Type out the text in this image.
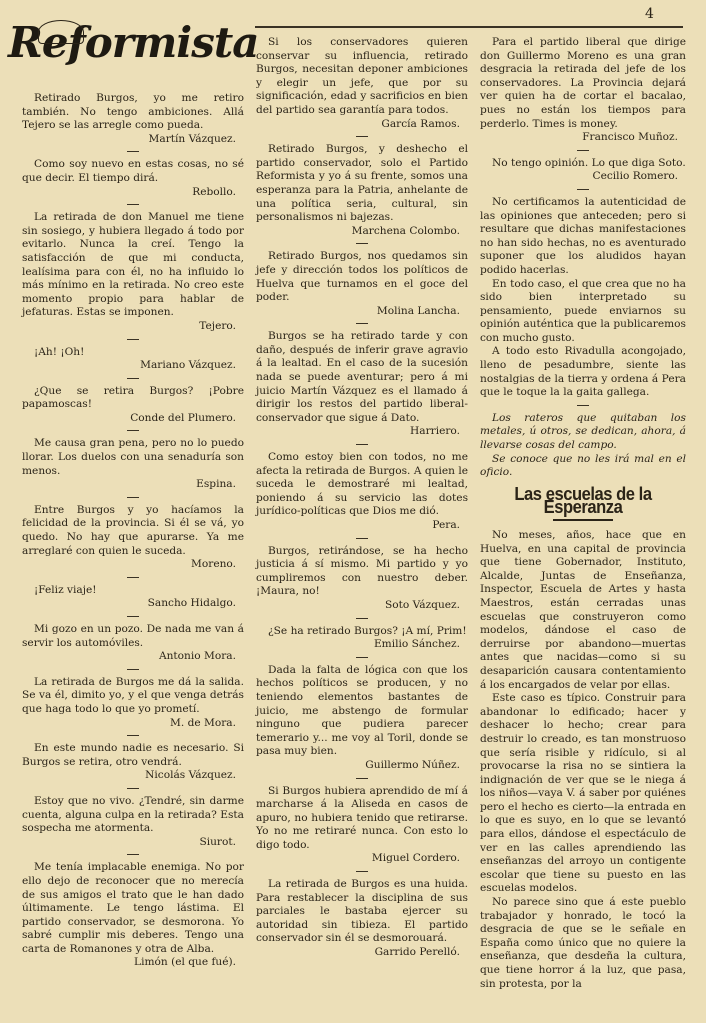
4
Reformista

Retirado Burgos, yo me retiro también. No tengo ambiciones. Allá Tejero se las arregle como pueda.

Martín Vázquez.

Como soy nuevo en estas cosas, no sé que decir. El tiempo dirá.

Rebollo.

La retirada de don Manuel me tiene sin sosiego, y hubiera llegado á todo por evitarlo. Nunca la creí. Tengo la satisfacción de que mi conducta, lealísima para con él, no ha influido lo más mínimo en la retirada. No creo este momento propio para hablar de jefaturas. Estas se imponen.

Tejero.

¡Ah! ¡Oh!

Mariano Vázquez.

¿Que se retira Burgos? ¡Pobre papamoscas!

Conde del Plumero.

Me causa gran pena, pero no lo puedo llorar. Los duelos con una senaduría son menos.

Espina.

Entre Burgos y yo hacíamos la felicidad de la provincia. Si él se vá, yo quedo. No hay que apurarse. Ya me arreglaré con quien le suceda.

Moreno.

¡Feliz viaje!

Sancho Hidalgo.

Mi gozo en un pozo. De nada me van á servir los automóviles.

Antonio Mora.

La retirada de Burgos me dá la salida. Se va él, dimito yo, y el que venga detrás que haga todo lo que yo prometí.

M. de Mora.

En este mundo nadie es necesario. Si Burgos se retira, otro vendrá.

Nicolás Vázquez.

Estoy que no vivo. ¿Tendré, sin darme cuenta, alguna culpa en la retirada? Esta sospecha me atormenta.

Siurot.

Me tenía implacable enemiga. No por ello dejo de reconocer que no merecía de sus amigos el trato que le han dado últimamente. Le tengo lástima. El partido conservador, se desmorona. Yo sabré cumplir mis deberes. Tengo una carta de Romanones y otra de Alba.

Limón (el que fué).

Si los conservadores quieren conservar su influencia, retirado Burgos, necesitan deponer ambiciones y elegir un jefe, que por su significación, edad y sacrificios en bien del partido sea garantía para todos.

García Ramos.

Retirado Burgos, y deshecho el partido conservador, solo el Partido Reformista y yo á su frente, somos una esperanza para la Patria, anhelante de una política seria, cultural, sin personalismos ni bajezas.

Marchena Colombo.

Retirado Burgos, nos quedamos sin jefe y dirección todos los políticos de Huelva que turnamos en el goce del poder.

Molina Lancha.

Burgos se ha retirado tarde y con daño, después de inferir grave agravio á la lealtad. En el caso de la sucesión nada se puede aventurar; pero á mi juicio Martín Vázquez es el llamado á dirigir los restos del partido liberal-conservador que sigue á Dato.

Harriero.

Como estoy bien con todos, no me afecta la retirada de Burgos. A quien le suceda le demostraré mi lealtad, poniendo á su servicio las dotes jurídico-políticas que Dios me dió.

Pera.

Burgos, retirándose, se ha hecho justicia á sí mismo. Mi partido y yo cumpliremos con nuestro deber. ¡Maura, no!

Soto Vázquez.

¿Se ha retirado Burgos? ¡A mí, Prim!

Emilio Sánchez.

Dada la falta de lógica con que los hechos políticos se producen, y no teniendo elementos bastantes de juicio, me abstengo de formular ninguno que pudiera parecer temerario y... me voy al Toril, donde se pasa muy bien.

Guillermo Núñez.

Si Burgos hubiera aprendido de mí á marcharse á la Aliseda en casos de apuro, no hubiera tenido que retirarse. Yo no me retiraré nunca. Con esto lo digo todo.

Miguel Cordero.

La retirada de Burgos es una huida. Para restablecer la disciplina de sus parciales le bastaba ejercer su autoridad sin tibieza. El partido conservador sin él se desmorouará.

Garrido Perelló.

Para el partido liberal que dirige don Guillermo Moreno es una gran desgracia la retirada del jefe de los conservadores. La Provincia dejará ver quien ha de cortar el bacalao, pues no están los tiempos para perderlo. Times is money.

Francisco Muñoz.

No tengo opinión. Lo que diga Soto.

Cecilio Romero.

No certificamos la autenticidad de las opiniones que anteceden; pero si resultare que dichas manifestaciones no han sido hechas, no es aventurado suponer que los aludidos hayan podido hacerlas.

En todo caso, el que crea que no ha sido bien interpretado su pensamiento, puede enviarnos su opinión auténtica que la publicaremos con mucho gusto.

A todo esto Rivadulla acongojado, lleno de pesadumbre, siente las nostalgias de la tierra y ordena á Pera que le toque la la gaita gallega.

Los rateros que quitaban los metales, ú otros, se dedican, ahora, á llevarse cosas del campo.

Se conoce que no les irá mal en el oficio.

Las escuelas de la Esperanza

No meses, años, hace que en Huelva, en una capital de provincia que tiene Gobernador, Instituto, Alcalde, Juntas de Enseñanza, Inspector, Escuela de Artes y hasta Maestros, están cerradas unas escuelas que construyeron como modelos, dándose el caso de derruirse por abandono—muertas antes que nacidas—como si su desaparición causara contentamiento á los encargados de velar por ellas.

Este caso es típico. Construir para abandonar lo edificado; hacer y deshacer lo hecho; crear para destruir lo creado, es tan monstruoso que sería risible y ridículo, si al provocarse la risa no se sintiera la indignación de ver que se le niega á los niños—vaya V. á saber por quiénes pero el hecho es cierto—la entrada en lo que es suyo, en lo que se levantó para ellos, dándose el espectáculo de ver en las calles aprendiendo las enseñanzas del arroyo un contigente escolar que tiene su puesto en las escuelas modelos.

No parece sino que á este pueblo trabajador y honrado, le tocó la desgracia de que se le señale en España como único que no quiere la enseñanza, que desdeña la cultura, que tiene horror á la luz, que pasa, sin protesta, por la
